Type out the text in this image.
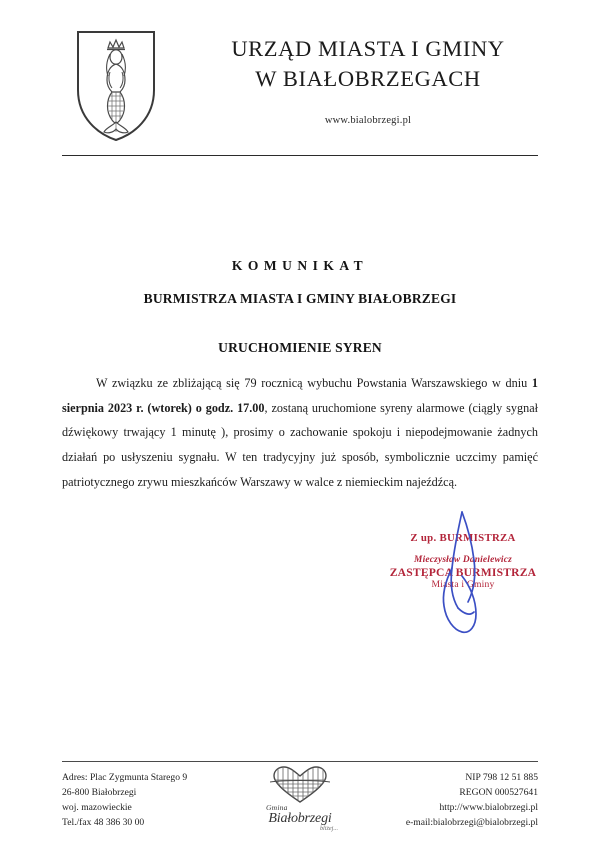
URZĄD MIASTA I GMINY
W BIAŁOBRZEGACH
www.bialobrzegi.pl
KOMUNIKAT
BURMISTRZA MIASTA I GMINY BIAŁOBRZEGI
URUCHOMIENIE SYREN

W związku ze zbliżającą się 79 rocznicą wybuchu Powstania Warszawskiego w dniu 1 sierpnia 2023 r. (wtorek) o godz. 17.00, zostaną uruchomione syreny alarmowe (ciągly sygnał dźwiękowy trwający 1 minutę ), prosimy o zachowanie spokoju i niepodejmowanie żadnych działań po usłyszeniu sygnału. W ten tradycyjny już sposób, symbolicznie uczcimy pamięć patriotycznego zrywu mieszkańców Warszawy w walce z niemieckim najeźdźcą.

Z up. BURMISTRZA
Mieczysław Danielewicz
ZASTĘPCA BURMISTRZA
Miasta i Gminy
Adres: Plac Zygmunta Starego 9
26-800 Białobrzegi
woj. mazowieckie
Tel./fax 48 386 30 00
Gmina
Białobrzegi
bliżej...
NIP 798 12 51 885
REGON 000527641
http://www.bialobrzegi.pl
e-mail:bialobrzegi@bialobrzegi.pl
